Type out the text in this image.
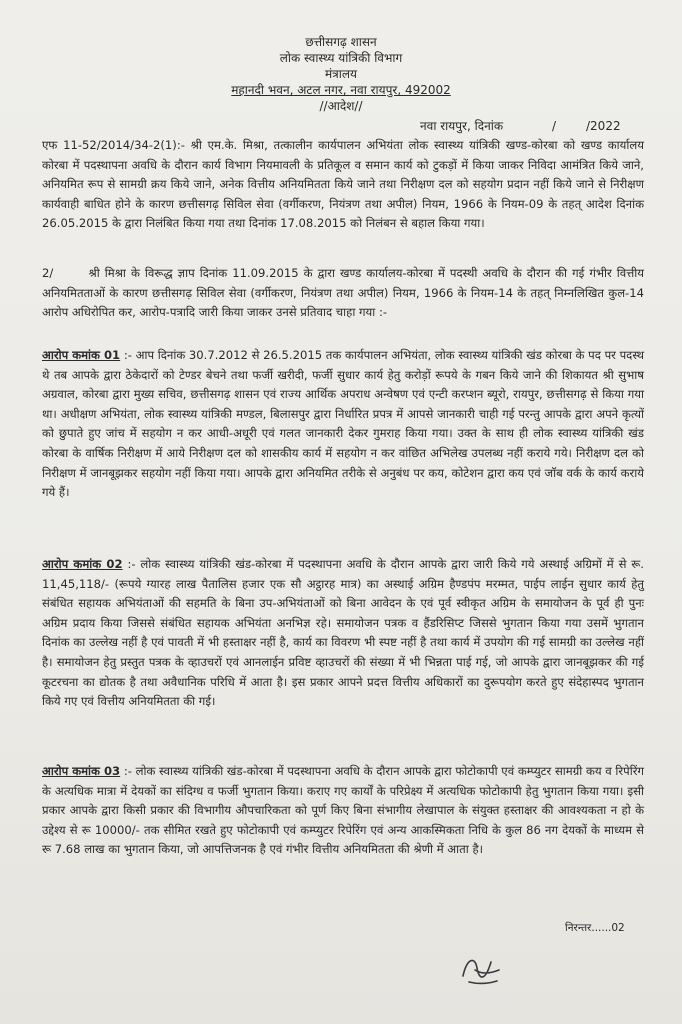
छत्तीसगढ़ शासन
लोक स्वास्थ्य यांत्रिकी विभाग
मंत्रालय
महानदी भवन, अटल नगर, नवा रायपुर, 492002
//आदेश//
नवा रायपुर, दिनांक	/ /2022

एफ 11-52/2014/34-2(1):- श्री एम.के. मिश्रा, तत्कालीन कार्यपालन अभियंता लोक स्वास्थ्य यांत्रिकी खण्ड-कोरबा को खण्ड कार्यालय कोरबा में पदस्थापना अवधि के दौरान कार्य विभाग नियमावली के प्रतिकूल व समान कार्य को टुकड़ों में किया जाकर निविदा आमंत्रित किये जाने, अनियमित रूप से सामग्री क्रय किये जाने, अनेक वित्तीय अनियमितता किये जाने तथा निरीक्षण दल को सहयोग प्रदान नहीं किये जाने से निरीक्षण कार्यवाही बाधित होने के कारण छत्तीसगढ़ सिविल सेवा (वर्गीकरण, नियंत्रण तथा अपील) नियम, 1966 के नियम-09 के तहत् आदेश दिनांक 26.05.2015 के द्वारा निलंबित किया गया तथा दिनांक 17.08.2015 को निलंबन से बहाल किया गया।

2/	श्री मिश्रा के विरूद्ध ज्ञाप दिनांक 11.09.2015 के द्वारा खण्ड कार्यालय-कोरबा में पदस्थी अवधि के दौरान की गई गंभीर वित्तीय अनियमितताओं के कारण छत्तीसगढ़ सिविल सेवा (वर्गीकरण, नियंत्रण तथा अपील) नियम, 1966 के नियम-14 के तहत् निम्नलिखित कुल-14 आरोप अधिरोपित कर, आरोप-पत्रादि जारी किया जाकर उनसे प्रतिवाद चाहा गया :-

आरोप कमांक 01 :- आप दिनांक 30.7.2012 से 26.5.2015 तक कार्यपालन अभियंता, लोक स्वास्थ्य यांत्रिकी खंड कोरबा के पद पर पदस्थ थे तब आपके द्वारा ठेकेदारों को टेण्डर बेचने तथा फर्जी खरीदी, फर्जी सुधार कार्य हेतु करोड़ों रूपये के गबन किये जाने की शिकायत श्री सुभाष अग्रवाल, कोरबा द्वारा मुख्य सचिव, छत्तीसगढ़ शासन एवं राज्य आर्थिक अपराध अन्वेषण एवं एन्टी करप्शन ब्यूरो, रायपुर, छत्तीसगढ़ से किया गया था। अधीक्षण अभियंता, लोक स्वास्थ्य यांत्रिकी मण्डल, बिलासपुर द्वारा निर्धारित प्रपत्र में आपसे जानकारी चाही गई परन्तु आपके द्वारा अपने कृत्यों को छुपाते हुए जांच में सहयोग न कर आधी-अधूरी एवं गलत जानकारी देकर गुमराह किया गया। उक्त के साथ ही लोक स्वास्थ्य यांत्रिकी खंड कोरबा के वार्षिक निरीक्षण में आये निरीक्षण दल को शासकीय कार्य में सहयोग न कर वांछित अभिलेख उपलब्ध नहीं कराये गये। निरीक्षण दल को निरीक्षण में जानबूझकर सहयोग नहीं किया गया। आपके द्वारा अनियमित तरीके से अनुबंध पर कय, कोटेशन द्वारा कय एवं जॉब वर्क के कार्य कराये गये हैं।

आरोप कमांक 02 :- लोक स्वास्थ्य यांत्रिकी खंड-कोरबा में पदस्थापना अवधि के दौरान आपके द्वारा जारी किये गये अस्थाई अग्रिमों में से रू. 11,45,118/- (रूपये ग्यारह लाख पैतालिस हजार एक सौ अट्ठारह मात्र) का अस्थाई अग्रिम हैण्डपंप मरम्मत, पाईप लाईन सुधार कार्य हेतु संबंधित सहायक अभियंताओं की सहमति के बिना उप-अभियंताओं को बिना आवेदन के एवं पूर्व स्वीकृत अग्रिम के समायोजन के पूर्व ही पुनः अग्रिम प्रदाय किया जिससे संबंधित सहायक अभियंता अनभिज्ञ रहे। समायोजन पत्रक व हैंडरिसिप्ट जिससे भुगतान किया गया उसमें भुगतान दिनांक का उल्लेख नहीं है एवं पावती में भी हस्ताक्षर नहीं है, कार्य का विवरण भी स्पष्ट नहीं है तथा कार्य में उपयोग की गई सामग्री का उल्लेख नहीं है। समायोजन हेतु प्रस्तुत पत्रक के व्हाउचरों एवं आनलाईन प्रविष्ट व्हाउचरों की संख्या में भी भिन्नता पाई गई, जो आपके द्वारा जानबूझकर की गई कूटरचना का द्योतक है तथा अवैधानिक परिधि में आता है। इस प्रकार आपने प्रदत्त वित्तीय अधिकारों का दुरूपयोग करते हुए संदेहास्पद भुगतान किये गए एवं वित्तीय अनियमितता की गई।

आरोप कमांक 03 :- लोक स्वास्थ्य यांत्रिकी खंड-कोरबा में पदस्थापना अवधि के दौरान आपके द्वारा फोटोकापी एवं कम्प्युटर सामग्री कय व रिपेरिंग के अत्यधिक मात्रा में देयकों का संदिग्ध व फर्जी भुगतान किया। कराए गए कार्यों के परिप्रेक्ष्य में अत्यधिक फोटोकापी हेतु भुगतान किया गया। इसी प्रकार आपके द्वारा किसी प्रकार की विभागीय औपचारिकता को पूर्ण किए बिना संभागीय लेखापाल के संयुक्त हस्ताक्षर की आवश्यकता न हो के उद्देश्य से रू 10000/- तक सीमित रखते हुए फोटोकापी एवं कम्प्युटर रिपेरिंग एवं अन्य आकस्मिकता निधि के कुल 86 नग देयकों के माध्यम से रू 7.68 लाख का भुगतान किया, जो आपत्तिजनक है एवं गंभीर वित्तीय अनियमितता की श्रेणी में आता है।

निरन्तर......02
